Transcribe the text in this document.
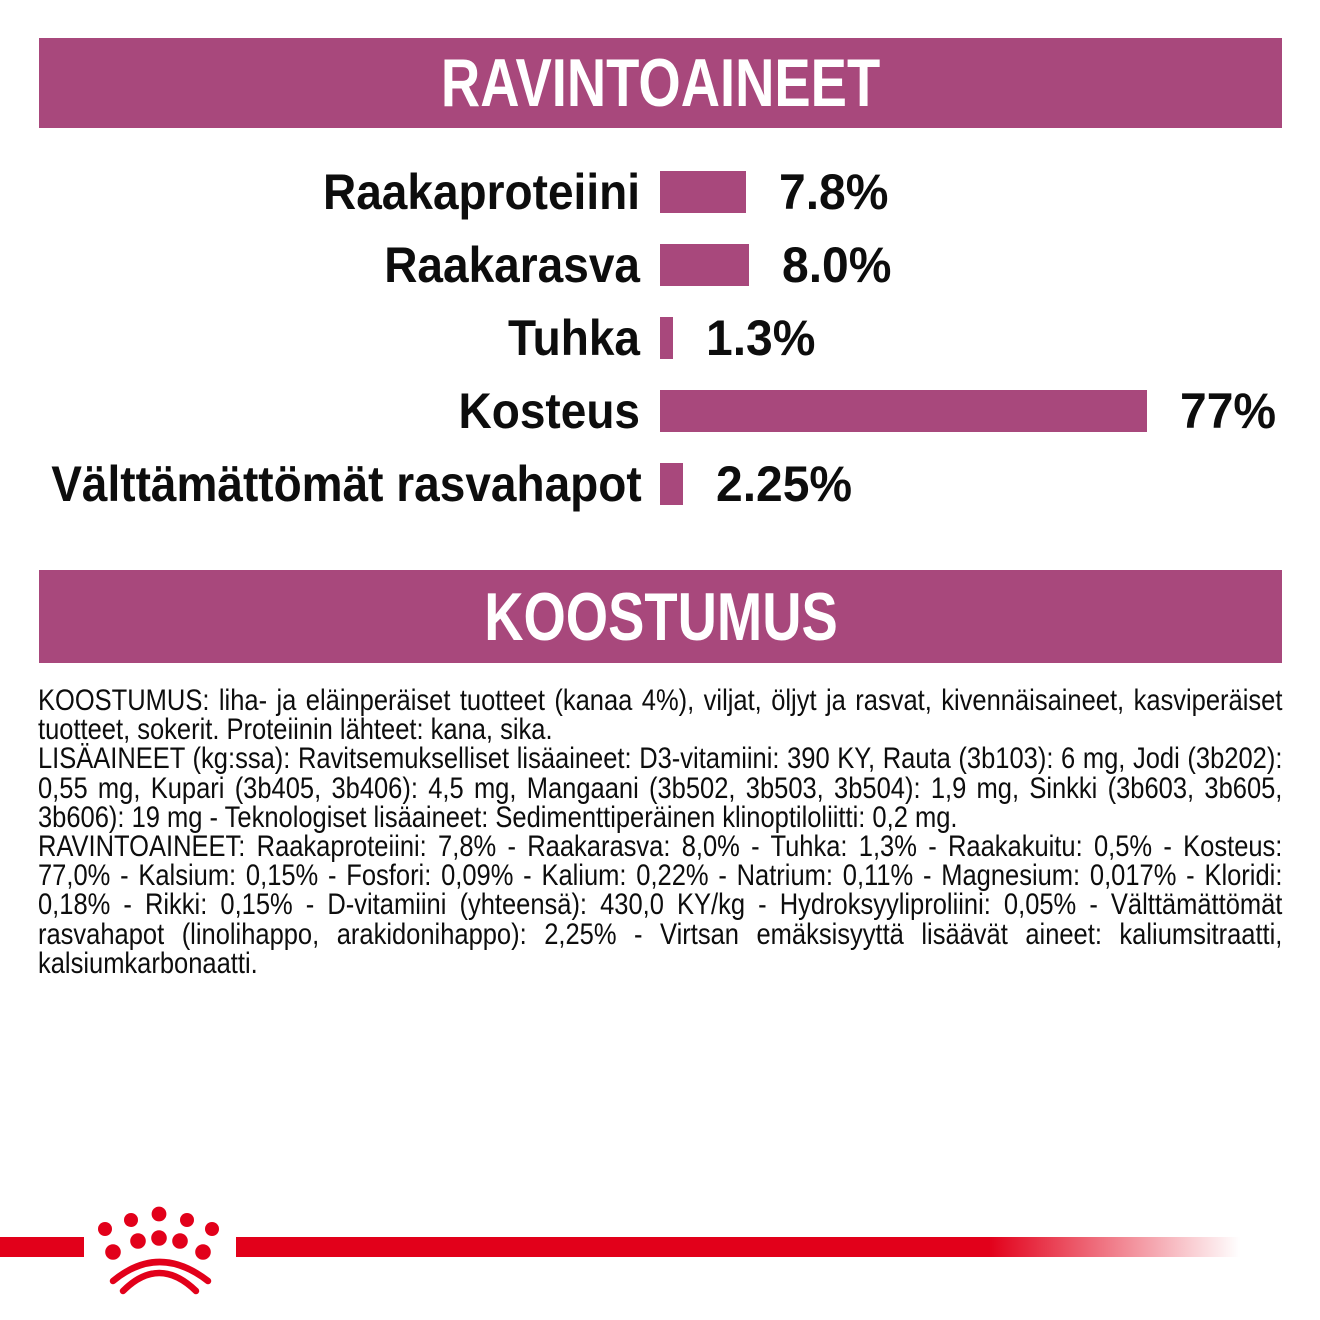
RAVINTOAINEET
Raakaproteiini	7.8%
Raakarasva	8.0%
Tuhka 1.3%
Kosteus	77%
Välttämättömät rasvahapot 2.25%
KOOSTUMUS

KOOSTUMUS: liha- ja eläinperäiset tuotteet (kanaa 4%), viljat, öljyt ja rasvat, kivennäisaineet, kasviperäiset tuotteet, sokerit. Proteiinin lähteet: kana, sika.

LISÄAINEET (kg:ssa): Ravitsemukselliset lisäaineet: D3-vitamiini: 390 KY, Rauta (3b103): 6 mg, Jodi (3b202): 0,55 mg, Kupari (3b405, 3b406): 4,5 mg, Mangaani (3b502, 3b503, 3b504): 1,9 mg, Sinkki (3b603, 3b605, 3b606): 19 mg - Teknologiset lisäaineet: Sedimenttiperäinen klinoptiloliitti: 0,2 mg.

RAVINTOAINEET: Raakaproteiini: 7,8% - Raakarasva: 8,0% - Tuhka: 1,3% - Raakakuitu: 0,5% - Kosteus: 77,0% - Kalsium: 0,15% - Fosfori: 0,09% - Kalium: 0,22% - Natrium: 0,11% - Magnesium: 0,017% - Kloridi: 0,18% - Rikki: 0,15% - D-vitamiini (yhteensä): 430,0 KY/kg - Hydroksyyliproliini: 0,05% - Välttämättömät rasvahapot (linolihappo, arakidonihappo): 2,25% - Virtsan emäksisyyttä lisäävät aineet: kaliumsitraatti, kalsiumkarbonaatti.
